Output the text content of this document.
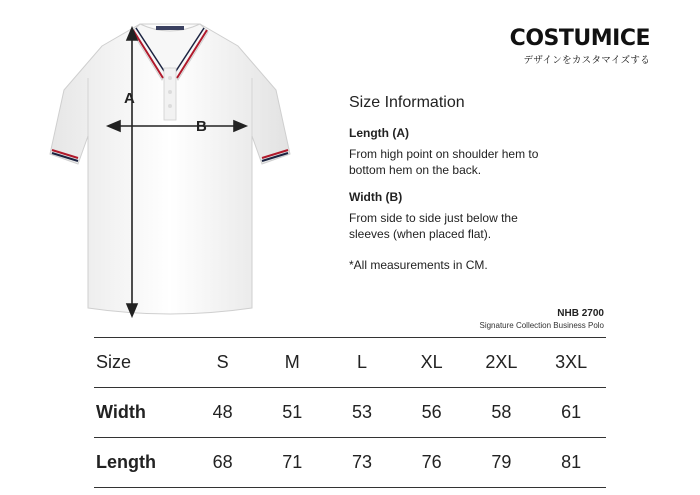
A
B
COSTUMICE
デザインをカスタマイズする
Size Information
Length (A)
From high point on shoulder hem to bottom hem on the back.
Width (B)
From side to side just below the sleeves (when placed flat).
*All measurements in CM.
NHB 2700
Signature Collection Business Polo
Size	S	M	L	XL	2XL	3XL
Width	48	51	53	56	58	61
Length	68	71	73	76	79	81
